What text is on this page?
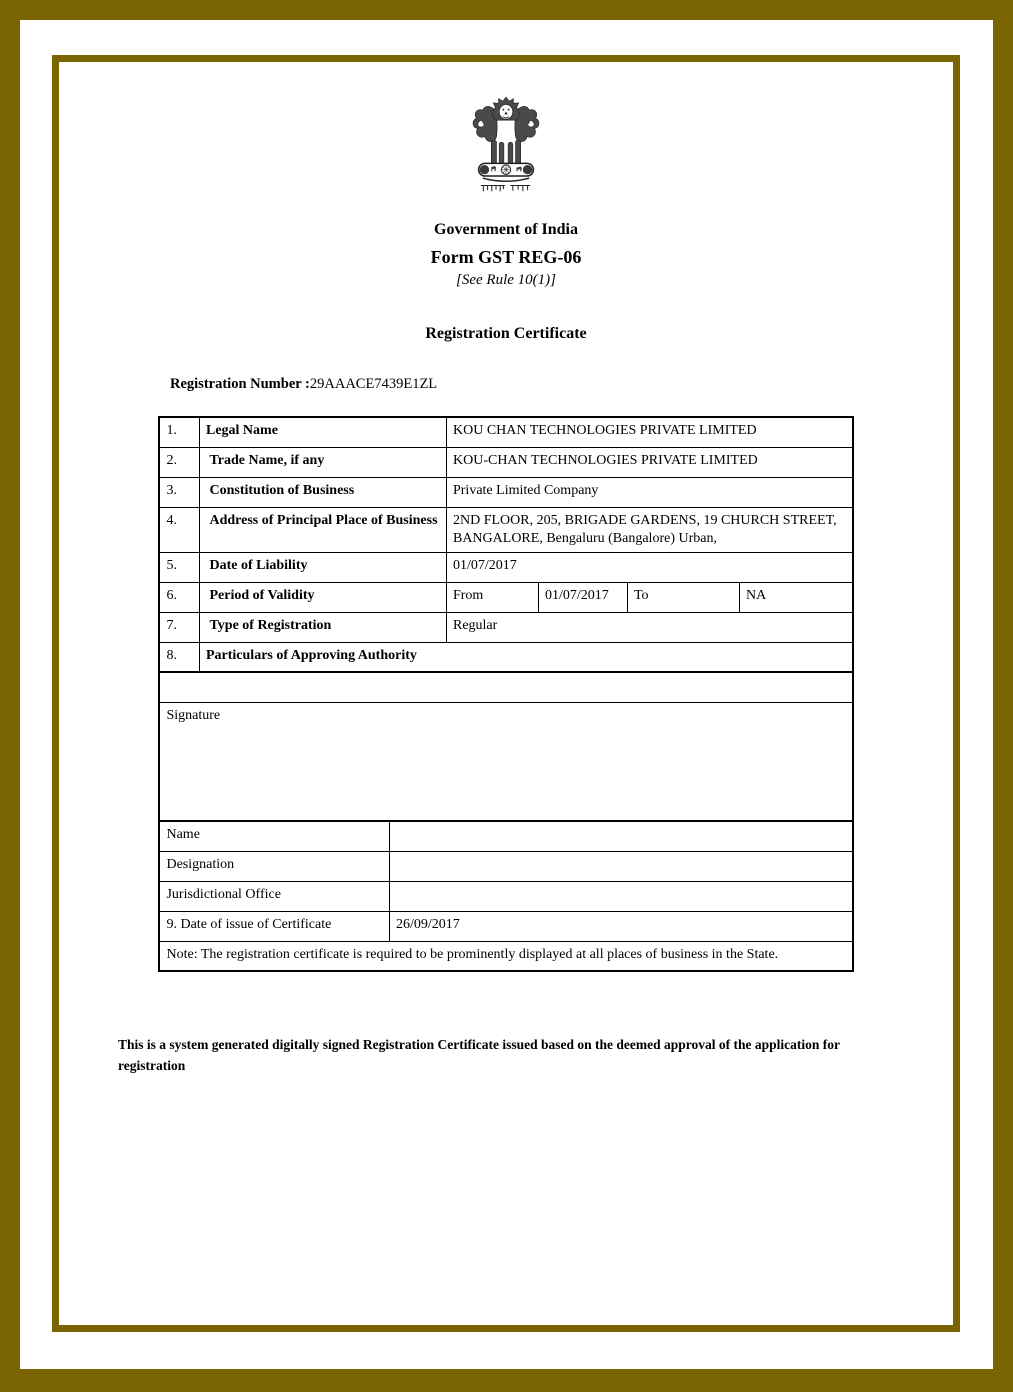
Government of India
Form GST REG-06
[See Rule 10(1)]
Registration Certificate
Registration Number :29AAACE7439E1ZL
1.	Legal Name		KOU CHAN TECHNOLOGIES PRIVATE LIMITED			
2.	Trade Name, if any		KOU-CHAN TECHNOLOGIES PRIVATE LIMITED			
3.	Constitution of Business		Private Limited Company			
4.	Address of Principal Place of Business		2ND FLOOR, 205, BRIGADE GARDENS, 19 CHURCH STREET, BANGALORE, Bengaluru (Bangalore) Urban,			
5.	Date of Liability		01/07/2017			
6.	Period of Validity		From	01/07/2017	To	NA
7.	Type of Registration		Regular			
8.	Particulars of Approving Authority					

Signature						
Name						
Designation						
Jurisdictional Office						
9. Date of issue of Certificate		26/09/2017				
Note: The registration certificate is required to be prominently displayed at all places of business in the State.						
This is a system generated digitally signed Registration Certificate issued based on the deemed approval of the application for registration
